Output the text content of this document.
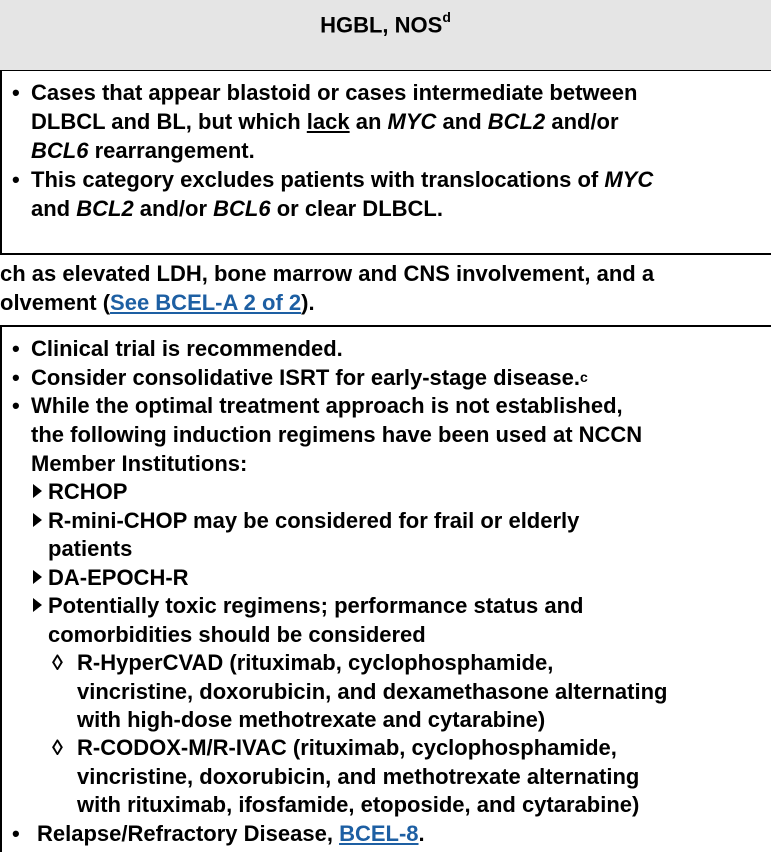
HGBL, NOS$^d$
• Cases that appear blastoid or cases intermediate between
DLBCL and BL, but which lack an MYC and BCL2 and/or
BCL6 rearrangement.
• This category excludes patients with translocations of MYC
and BCL2 and/or BCL6 or clear DLBCL.
ch as elevated LDH, bone marrow and CNS involvement, and a
olvement (See BCEL-A 2 of 2).
• Clinical trial is recommended.
• Consider consolidative ISRT for early-stage disease.$^c$
• While the optimal treatment approach is not established,
the following induction regimens have been used at NCCN
Member Institutions:
RCHOP
R-mini-CHOP may be considered for frail or elderly
patients
DA-EPOCH-R
Potentially toxic regimens; performance status and
comorbidities should be considered
◊ R-HyperCVAD (rituximab, cyclophosphamide,
vincristine, doxorubicin, and dexamethasone alternating
with high-dose methotrexate and cytarabine)
◊ R-CODOX-M/R-IVAC (rituximab, cyclophosphamide,
vincristine, doxorubicin, and methotrexate alternating
with rituximab, ifosfamide, etoposide, and cytarabine)
• Relapse/Refractory Disease, BCEL-8.
